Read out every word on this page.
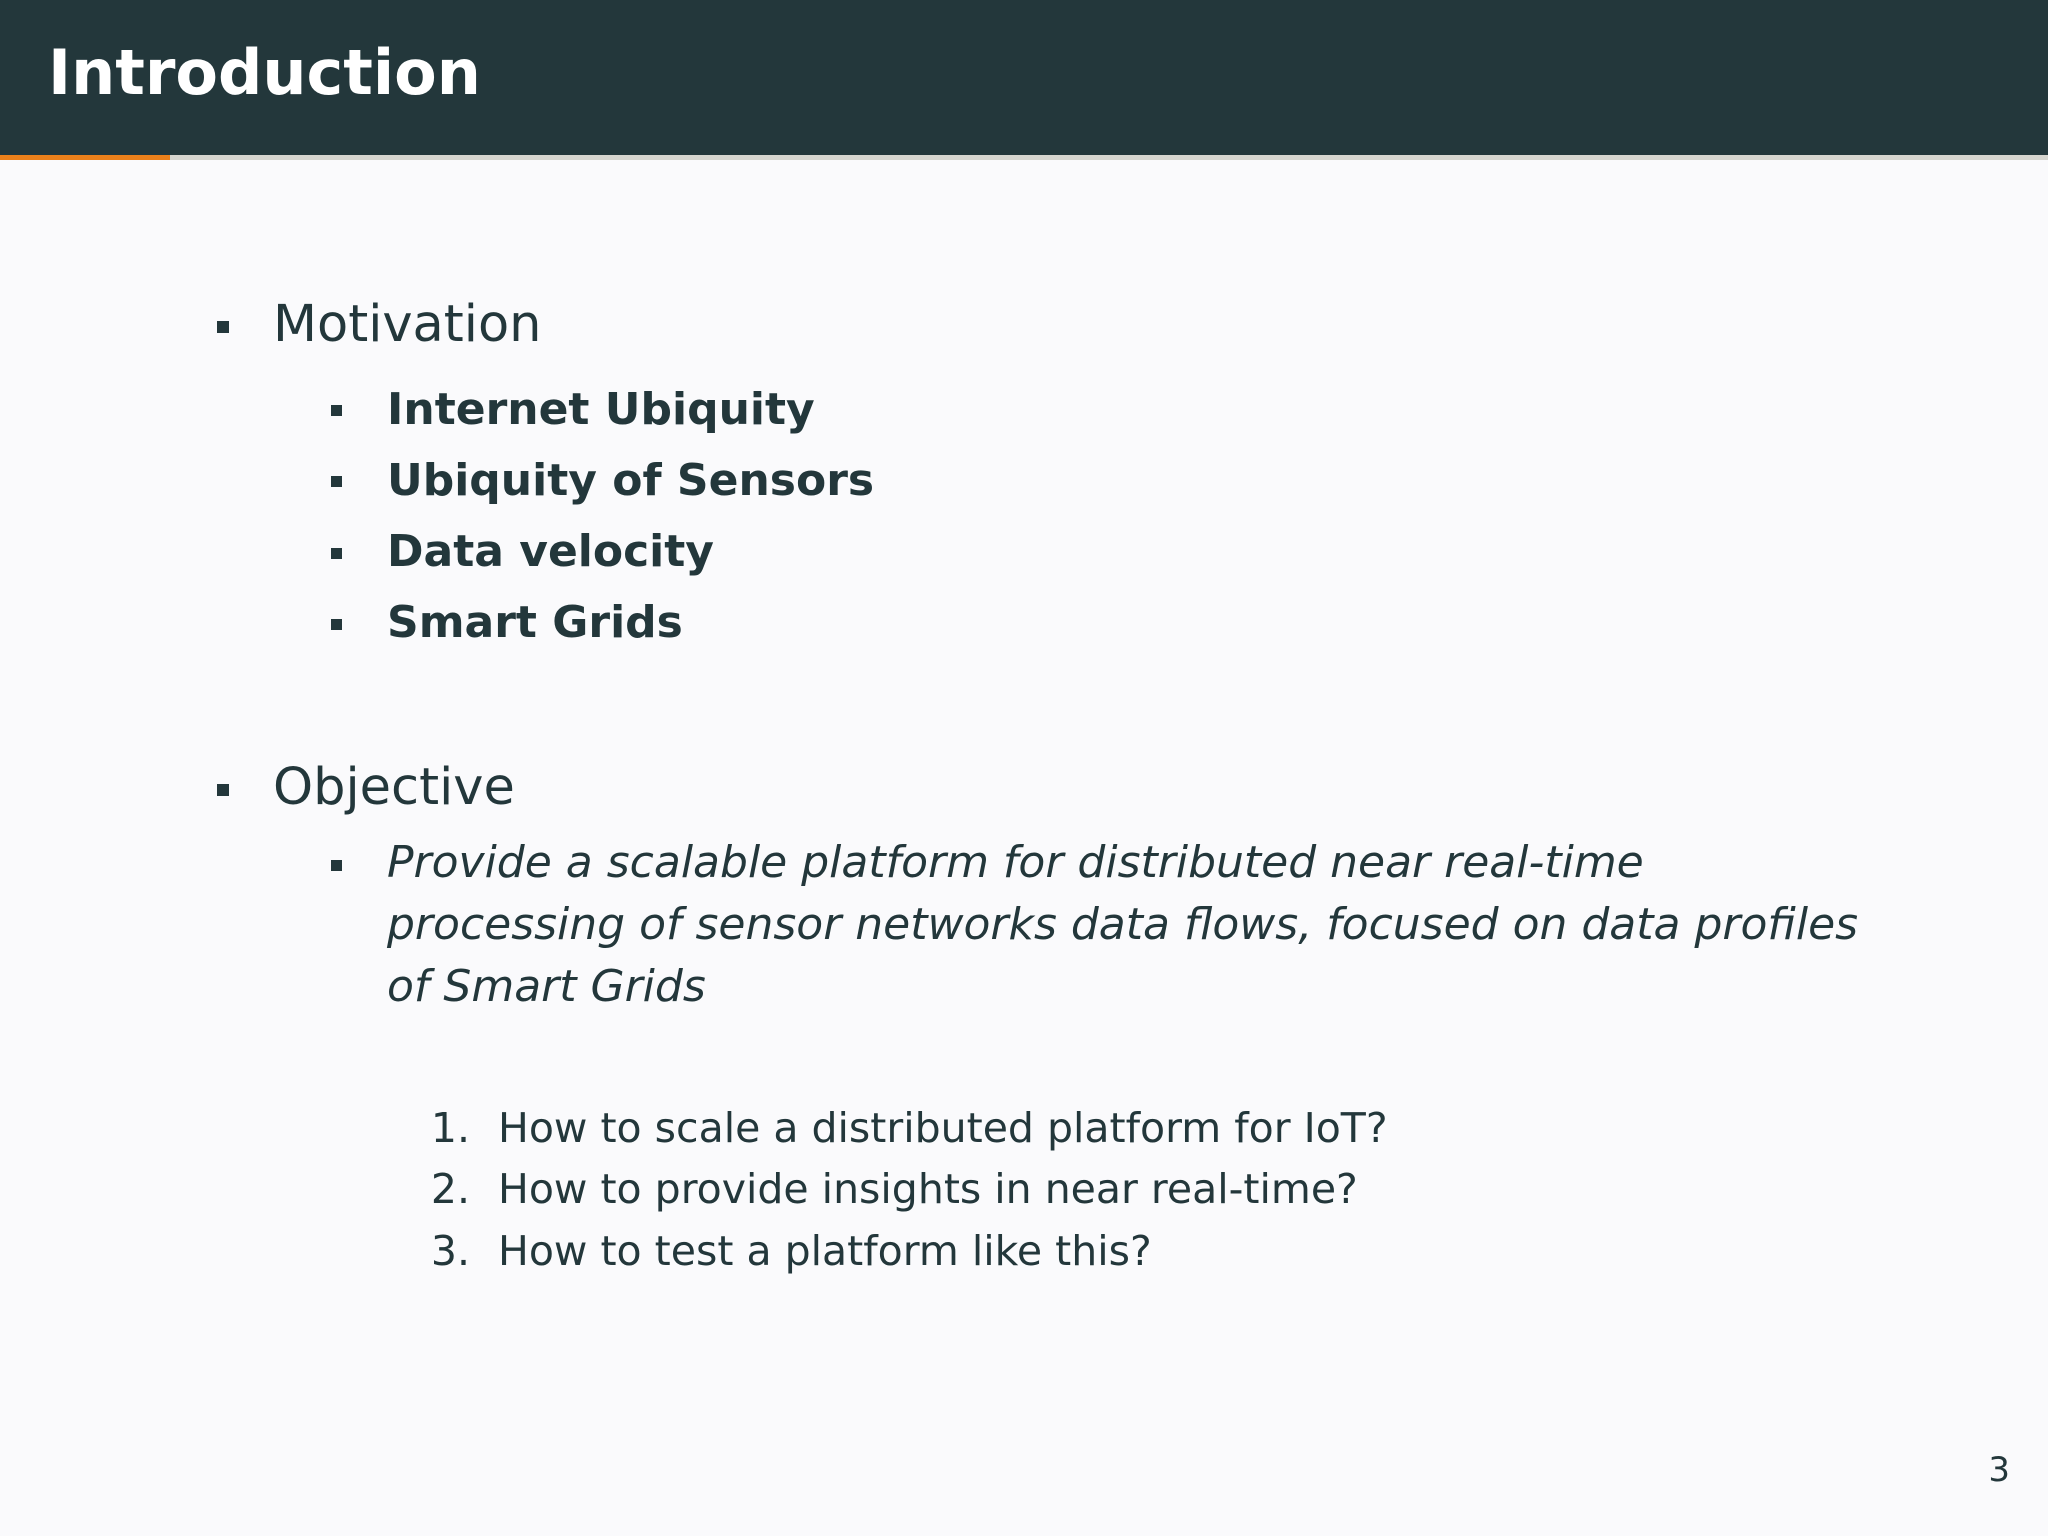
Introduction
Motivation
Internet Ubiquity
Ubiquity of Sensors
Data velocity
Smart Grids
Objective
Provide a scalable platform for distributed near real-time processing of sensor networks data flows, focused on data profiles of Smart Grids
1. How to scale a distributed platform for IoT?
2. How to provide insights in near real-time?
3. How to test a platform like this?
3
